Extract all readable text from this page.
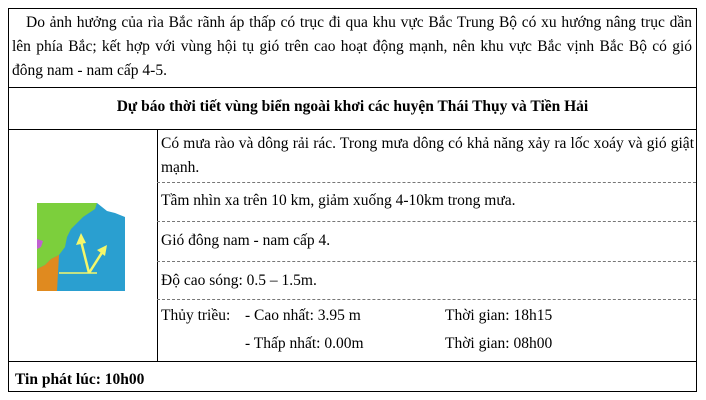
Do ảnh hưởng của rìa Bắc rãnh áp thấp có trục đi qua khu vực Bắc Trung Bộ có xu hướng nâng trục dần lên phía Bắc; kết hợp với vùng hội tụ gió trên cao hoạt động mạnh, nên khu vực Bắc vịnh Bắc Bộ có gió đông nam - nam cấp 4-5.
Dự báo thời tiết vùng biển ngoài khơi các huyện Thái Thụy và Tiền Hải
Có mưa rào và dông rải rác. Trong mưa dông có khả năng xảy ra lốc xoáy và gió giật mạnh.
Tầm nhìn xa trên 10 km, giảm xuống 4-10km trong mưa.
Gió đông nam - nam cấp 4.
Độ cao sóng: 0.5 – 1.5m.
Thủy triều: - Cao nhất: 3.95 m	Thời gian: 18h15
- Thấp nhất: 0.00m	Thời gian: 08h00
Tin phát lúc: 10h00
